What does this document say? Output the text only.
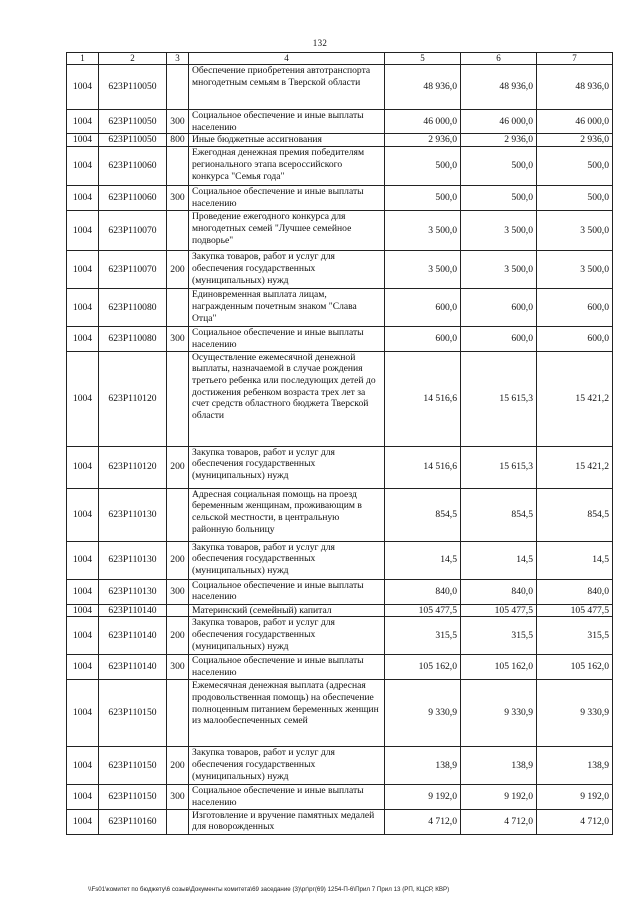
132
1	2	3	4	5	6	7
1004	623P110050		Обеспечение приобретения автотранспорта многодетным семьям в Тверской области	48 936,0	48 936,0	48 936,0
1004	623P110050	300	Социальное обеспечение и иные выплаты населению	46 000,0	46 000,0	46 000,0
1004	623P110050	800	Иные бюджетные ассигнования	2 936,0	2 936,0	2 936,0
1004	623P110060		Ежегодная денежная премия победителям регионального этапа всероссийского конкурса "Семья года"	500,0	500,0	500,0
1004	623P110060	300	Социальное обеспечение и иные выплаты населению	500,0	500,0	500,0
1004	623P110070		Проведение ежегодного конкурса для многодетных семей "Лучшее семейное подворье"	3 500,0	3 500,0	3 500,0
1004	623P110070	200	Закупка товаров, работ и услуг для обеспечения государственных (муниципальных) нужд	3 500,0	3 500,0	3 500,0
1004	623P110080		Единовременная выплата лицам, награжденным почетным знаком "Слава Отца"	600,0	600,0	600,0
1004	623P110080	300	Социальное обеспечение и иные выплаты населению	600,0	600,0	600,0
1004	623P110120		Осуществление ежемесячной денежной выплаты, назначаемой в случае рождения третьего ребенка или последующих детей до достижения ребенком возраста трех лет за счет средств областного бюджета Тверской области	14 516,6	15 615,3	15 421,2
1004	623P110120	200	Закупка товаров, работ и услуг для обеспечения государственных (муниципальных) нужд	14 516,6	15 615,3	15 421,2
1004	623P110130		Адресная социальная помощь на проезд беременным женщинам, проживающим в сельской местности, в центральную районную больницу	854,5	854,5	854,5
1004	623P110130	200	Закупка товаров, работ и услуг для обеспечения государственных (муниципальных) нужд	14,5	14,5	14,5
1004	623P110130	300	Социальное обеспечение и иные выплаты населению	840,0	840,0	840,0
1004	623P110140		Материнский (семейный) капитал	105 477,5	105 477,5	105 477,5
1004	623P110140	200	Закупка товаров, работ и услуг для обеспечения государственных (муниципальных) нужд	315,5	315,5	315,5
1004	623P110140	300	Социальное обеспечение и иные выплаты населению	105 162,0	105 162,0	105 162,0
1004	623P110150		Ежемесячная денежная выплата (адресная продовольственная помощь) на обеспечение полноценным питанием беременных женщин из малообеспеченных семей	9 330,9	9 330,9	9 330,9
1004	623P110150	200	Закупка товаров, работ и услуг для обеспечения государственных (муниципальных) нужд	138,9	138,9	138,9
1004	623P110150	300	Социальное обеспечение и иные выплаты населению	9 192,0	9 192,0	9 192,0
1004	623P110160		Изготовление и вручение памятных медалей для новорожденных	4 712,0	4 712,0	4 712,0
\\Fs01\комитет по бюджету\6 созыв\Документы комитета\69 заседание (3)\рг\рг(69) 1254-П-6\Прил 7 Прил 13 (РП, КЦСР, КВР)
